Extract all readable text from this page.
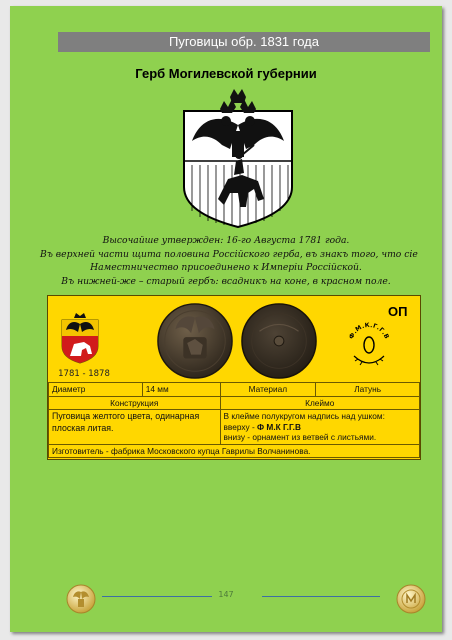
Пуговицы обр. 1831 года
Герб Могилевской губернии
Высочайше утвержден: 16-го Августа 1781 года.
Въ верхней части щита половина Россiйского герба, въ знакъ того, что сiе
Наместничество присоединено к Имперiи Россiйской.
Въ нижней-же – старый гербъ: всадникъ на коне, в красном поле.
1781 - 1878
Ф.М.К.Г.Г.В
ОП
Диаметр	14 мм	Материал	Латунь
Конструкция		Клеймо	
Пуговица желтого цвета, одинарная плоская литая.		В клейме полукругом надпись над ушком:
вверху - Ф М.К Г.Г.В
внизу - орнамент из ветвей с листьями.	

Изготовитель - фабрика Московского купца Гаврилы Волчанинова.			
147
